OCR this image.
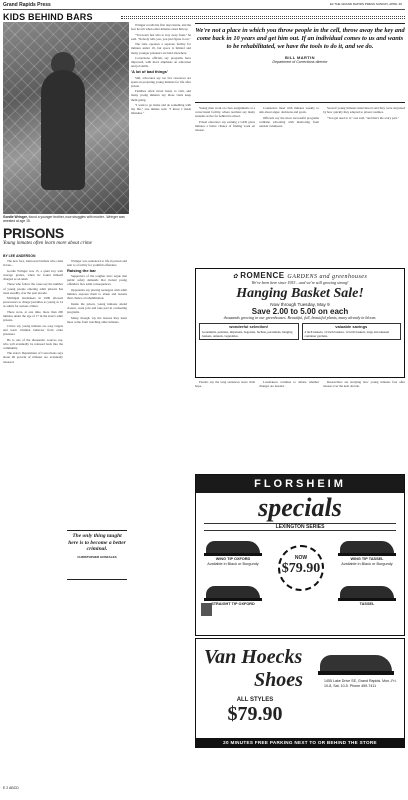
Grand Rapids Press	E2 THE GRAND RAPIDS PRESS SUNDAY, APRIL 30
KIDS BEHIND BARS
Gordie Wringer, found a younger brother, now struggles with murder...Wringer was arrested at age 15.
PRISONS
Young inmates often learn more about crime
BY LEE ANDERSON

The new face, Ionia-level inmate who came in late...

Gordie Wringer was 15, a quiet boy with average grades, when he found himself charged as an adult.

Those who follow the cases say the number of young people entering adult prisons has risen steadily over the past decade.

Michigan lawmakers in 1996 allowed prosecutors to charge juveniles as young as 14 as adults for serious crimes.

There were, at one time, more than 200 inmates under the age of 17 in the state's adult prisons.

Critics say young inmates are easy targets and learn criminal behavior from older prisoners.

He is one of the thousands, sources say, who will eventually be released back into the community.

The state's Department of Corrections says about 96 percent of inmates are eventually released.

Wringer was sentenced to life in prison and sent to a facility for youthful offenders.

Raising the bar

Supporters of the tougher laws argue that public safety demands that violent young offenders face adult consequences.

Opponents say placing teenagers with adult inmates exposes them to abuse and lessens their chance at rehabilitation.

Inside the prison, young inmates attend classes, work jobs and take part in counseling programs.

Many, though, say the lessons they learn most come from watching other inmates.

The only thing taught here is to become a better criminal.
CHRISTOPHER GONZALES

Wringer recalls his first days inside, and the fear he felt when older inmates sized him up.

"You learn fast who to stay away from," he said. "Nobody tells you, you just figure it out."

The state operates a separate facility for inmates under 19, but space is limited and many younger prisoners are held elsewhere.

Corrections officials say programs have improved, with more emphasis on education and job skills.

'A lot of bad things'

Still, advocates say too few resources are spent on preparing young inmates for life after prison.

Families often travel hours to visit, and many young inmates say those visits keep them going.

"I want to go home and do something with my life," one inmate said. "I know I made mistakes."

We're not a place in which you throw people in the cell, throw away the key and come back in 10 years and get him out. If an individual comes to us and wants to be rehabilitated, we have the tools to do it, and we do.
BILL MARTIN
Department of Corrections director

Young men work on class assignments at a correctional facility, where teachers say many students arrive far behind in school.

Prison educators say earning a GED gives inmates a better chance of finding work on release.

Counselors meet with inmates weekly to talk about anger, decisions and goals.

Officials say the most successful programs combine schooling with mentoring from outside volunteers.

Several young inmates interviewed said they were surprised by how quickly they adapted to prison routines.

"You get used to it," one said, "and that's the scary part."

✿ ROMENCE GARDENS and greenhouses
We've been here since 1953 ...and we're still growing strong!
Hanging Basket Sale!
Now through Tuesday, May 9
Save 2.00 to 5.00 on each
thousands growing in our greenhouses. Beautiful, full, beautiful plants, many already in bloom.
wonderful selection!
Geraniums, petunias, impatiens, begonias, fuchsia, perennials, hanging baskets, annuals, vegetables.
valuable savings
4 inch baskets, 10 inch baskets, 12 inch baskets, large and unusual container gardens.

Parents say the long sentences leave little hope.

Lawmakers continue to debate whether changes are needed.

Researchers are studying how young inmates fare after release over the next decade.

FLORSHEIM
specials
LEXINGTON SERIES
WING TIP OXFORD
Available in Black or Burgundy
WING TIP TASSEL
Available in Black or Burgundy
STRAIGHT TIP OXFORD	TASSEL
NOW
$79.90

Van Hoecks
Shoes
ALL STYLES
$79.90
1455 Lake Drive SE, Grand Rapids. Mon.-Fri. 10-8, Sat. 10-5. Phone 459-7411
20 MINUTES FREE PARKING NEXT TO OR BEHIND THE STORE
E 2 ABCD
